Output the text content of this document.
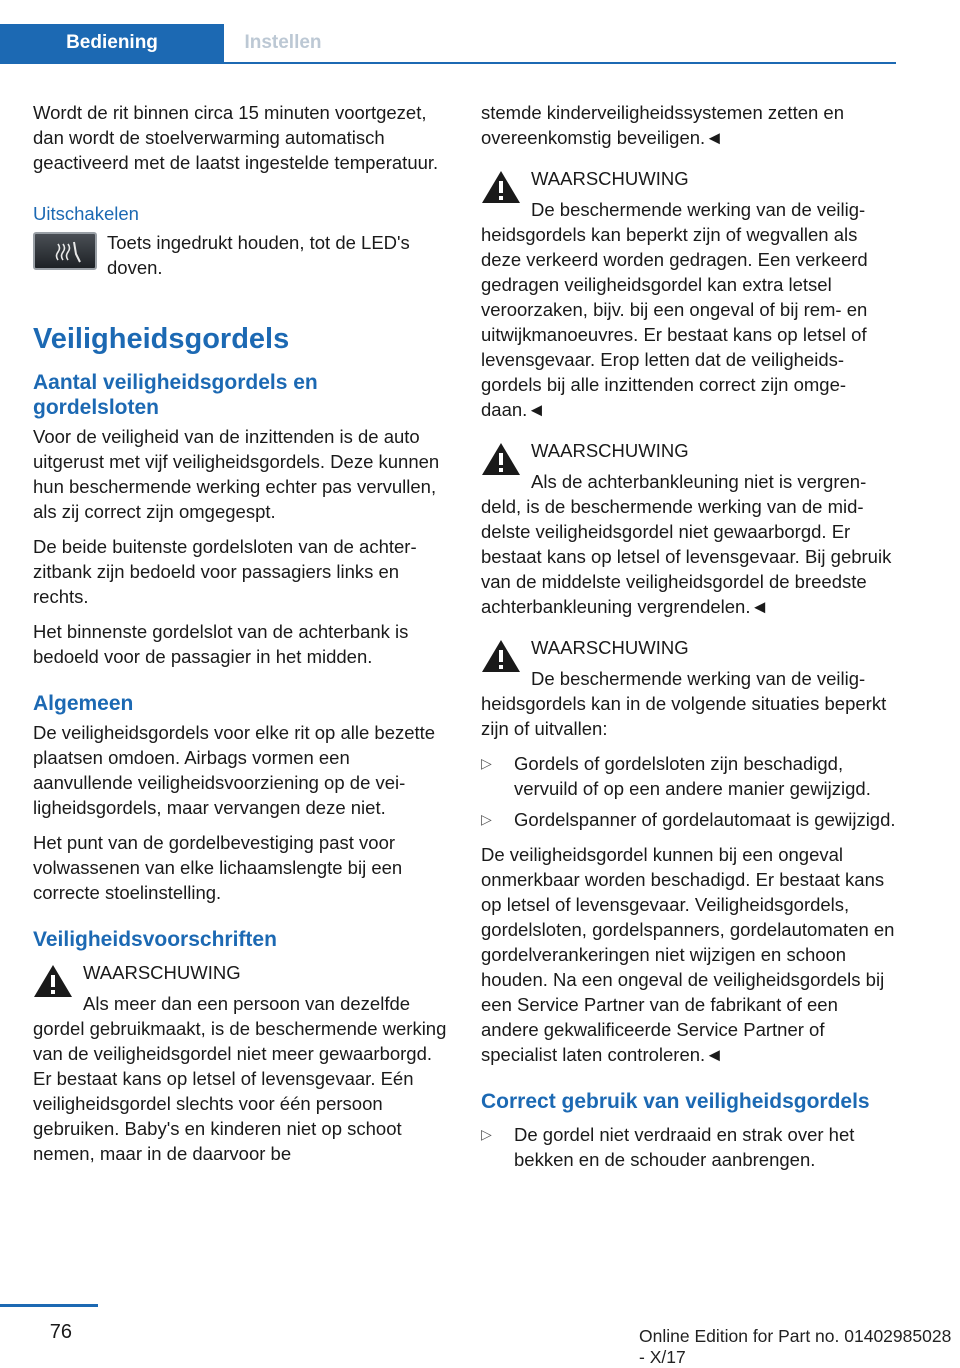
Bediening	Instellen

Wordt de rit binnen circa 15 minuten voortgezet, dan wordt de stoelverwarming automatisch geactiveerd met de laatst ingestelde temperatuur.

Uitschakelen

Toets ingedrukt houden, tot de LED's doven.

Veiligheidsgordels
Aantal veiligheidsgordels en gordelsloten

Voor de veiligheid van de inzittenden is de auto uitgerust met vijf veiligheidsgordels. Deze kunnen hun beschermende werking echter pas vervullen, als zij correct zijn omgegespt.

De beide buitenste gordelsloten van de achterzitbank zijn bedoeld voor passagiers links en rechts.

Het binnenste gordelslot van de achterbank is bedoeld voor de passagier in het midden.

Algemeen

De veiligheidsgordels voor elke rit op alle bezette plaatsen omdoen. Airbags vormen een aanvullende veiligheidsvoorziening op de veiligheidsgordels, maar vervangen deze niet.

Het punt van de gordelbevestiging past voor volwassenen van elke lichaamslengte bij een correcte stoelinstelling.

Veiligheidsvoorschriften
WAARSCHUWING
Als meer dan een persoon van dezelfde gordel gebruikmaakt, is de beschermende werking van de veiligheidsgordel niet meer gewaarborgd. Er bestaat kans op letsel of levensgevaar. Eén veiligheidsgordel slechts voor één persoon gebruiken. Baby's en kinderen niet op schoot nemen, maar in de daarvoor be

stemde kinderveiligheidssystemen zetten en overeenkomstig beveiligen.◄

WAARSCHUWING
De beschermende werking van de veiligheidsgordels kan beperkt zijn of wegvallen als deze verkeerd worden gedragen. Een verkeerd gedragen veiligheidsgordel kan extra letsel veroorzaken, bijv. bij een ongeval of bij rem- en uitwijkmanoeuvres. Er bestaat kans op letsel of levensgevaar. Erop letten dat de veiligheidsgordels bij alle inzittenden correct zijn omgedaan.◄
WAARSCHUWING
Als de achterbankleuning niet is vergrendeld, is de beschermende werking van de middelste veiligheidsgordel niet gewaarborgd. Er bestaat kans op letsel of levensgevaar. Bij gebruik van de middelste veiligheidsgordel de breedste achterbankleuning vergrendelen.◄
WAARSCHUWING
De beschermende werking van de veiligheidsgordels kan in de volgende situaties beperkt zijn of uitvallen:
▷ Gordels of gordelsloten zijn beschadigd, vervuild of op een andere manier gewijzigd.
▷ Gordelspanner of gordelautomaat is gewijzigd.

De veiligheidsgordel kunnen bij een ongeval onmerkbaar worden beschadigd. Er bestaat kans op letsel of levensgevaar. Veiligheidsgordels, gordelsloten, gordelspanners, gordelautomaten en gordelverankeringen niet wijzigen en schoon houden. Na een ongeval de veiligheidsgordels bij een Service Partner van de fabrikant of een andere gekwalificeerde Service Partner of specialist laten controleren.◄

Correct gebruik van veiligheidsgordels
▷ De gordel niet verdraaid en strak over het bekken en de schouder aanbrengen.
76	Online Edition for Part no. 01402985028 - X/17
